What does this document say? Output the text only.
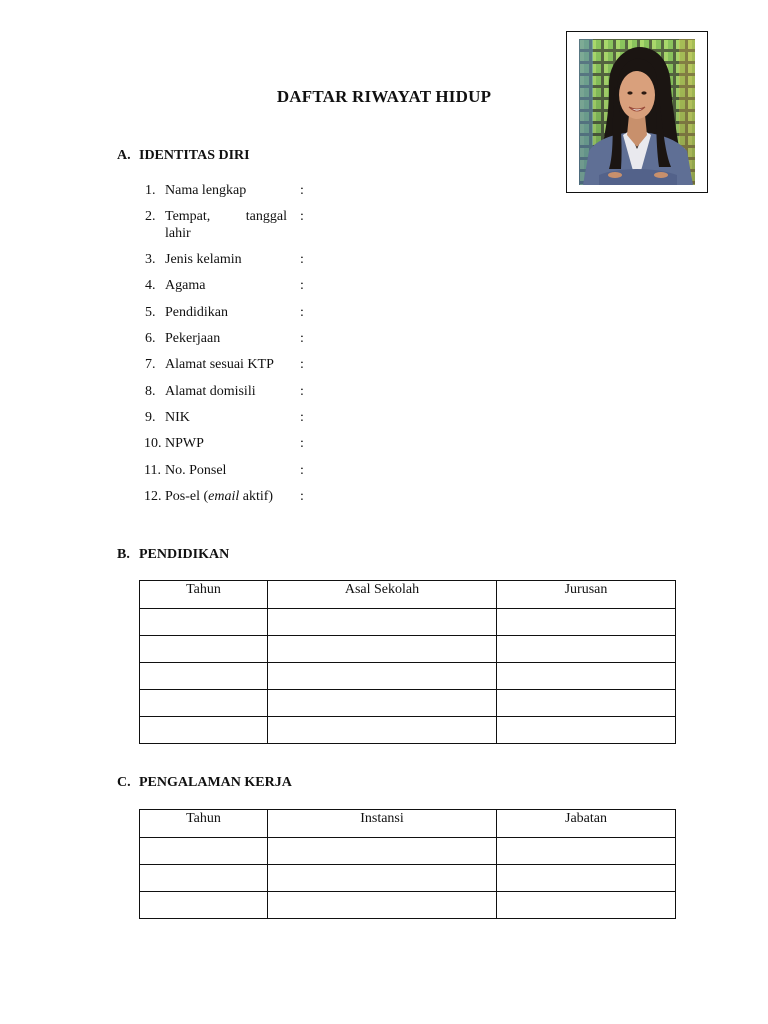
DAFTAR RIWAYAT HIDUP
A. IDENTITAS DIRI
1. Nama lengkap	:
2. Tempat, tanggal
lahir
:
3. Jenis kelamin	:
4. Agama	:
5. Pendidikan	:
6. Pekerjaan	:
7. Alamat sesuai KTP	:
8. Alamat domisili	:
9. NIK	:
10. NPWP	:
11. No. Ponsel	:
12. Pos-el (email aktif)	:
B. PENDIDIKAN
Tahun	Asal Sekolah	Jurusan

C. PENGALAMAN KERJA
Tahun	Instansi	Jabatan
